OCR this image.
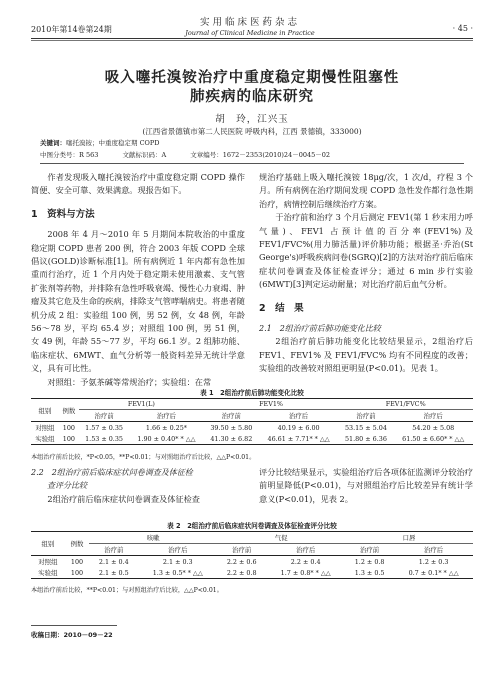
2010年第14卷第24期
实用临床医药杂志
Journal of Clinical Medicine in Practice	· 45 ·
吸入噻托溴铵治疗中重度稳定期慢性阻塞性
肺疾病的临床研究
胡　玲，江兴玉
(江西省景德镇市第二人民医院 呼吸内科，江西 景德镇，333000)
关键词：噻托溴铵；中重度稳定期 COPD
中图分类号：R 563	文献标识码：A	文章编号：1672－2353(2010)24－0045－02

作者发现吸入噻托溴铵治疗中重度稳定期 COPD 操作简便、安全可靠、效果满意。现报告如下。

1　资料与方法

2008 年 4 月～2010 年 5 月期间本院收治的中重度稳定期 COPD 患者 200 例，符合 2003 年版 COPD 全球倡议(GOLD)诊断标准[1]。所有病例近 1 年内都有急性加重而行治疗，近 1 个月内处于稳定期未使用激素、支气管扩张剂等药物，并排除有急性呼吸衰竭、慢性心力衰竭、肿瘤及其它危及生命的疾病，排除支气管哮喘病史。将患者随机分成 2 组：实验组 100 例，男 52 例，女 48 例，年龄 56～78 岁，平均 65.4 岁；对照组 100 例，男 51 例，女 49 例，年龄 55～77 岁，平均 66.1 岁。2 组肺功能、临床症状、6MWT、血气分析等一般资料差异无统计学意义，具有可比性。

对照组：予氨茶碱等常规治疗；实验组：在常

规治疗基础上吸入噻托溴铵 18μg/次，1 次/d，疗程 3 个月。所有病例在治疗期间发现 COPD 急性发作都行急性期治疗，病情控制后继续治疗方案。

于治疗前和治疗 3 个月后测定 FEV1(第 1 秒末用力呼气量)、FEV1 占预计值的百分率(FEV1%)及 FEV1/FVC%(用力肺活量)评价肺功能；根据圣·乔治(St George's)呼吸疾病问卷(SGRQ)[2]的方法对治疗前后临床症状问卷调查及体征检查评分；通过 6 min 步行实验(6MWT)[3]判定运动耐量；对比治疗前后血气分析。

2　结　果
2.1　2组治疗前后肺功能变化比较

2组治疗前后肺功能变化比较结果显示，2组治疗后 FEV1、FEV1% 及 FEV1/FVC% 均有不同程度的改善；实验组的改善较对照组更明显(P<0.01)。见表 1。

表 1　2组治疗前后肺功能变化比较
组别	例数	FEV1(L)		FEV1%		FEV1/FVC%	
		治疗前	治疗后	治疗前	治疗后	治疗前	治疗后
对照组	100	1.57 ± 0.35	1.66 ± 0.25*	39.50 ± 5.80	40.19 ± 6.00	53.15 ± 5.04	54.20 ± 5.08
实验组	100	1.53 ± 0.35	1.90 ± 0.40* * △△	41.30 ± 6.82	46.61 ± 7.71* * △△	51.80 ± 6.36	61.50 ± 6.60* * △△
本组治疗前后比较，*P<0.05，**P<0.01；与对照组治疗后比较，△△P<0.01。
2.2　2组治疗前后临床症状问卷调查及体征检
查评分比较

2组治疗前后临床症状问卷调查及体征检查

评分比较结果显示，实验组治疗后各项体征监测评分较治疗前明显降低(P<0.01)，与对照组治疗后比较差异有统计学意义(P<0.01)，见表 2。

表 2　2组治疗前后临床症状问卷调查及体征检查评分比较
组别	例数	咳嗽		气促		口唇	
		治疗前	治疗后	治疗前	治疗后	治疗前	治疗后
对照组	100	2.1 ± 0.4	2.1 ± 0.3	2.2 ± 0.6	2.2 ± 0.4	1.2 ± 0.8	1.2 ± 0.3
实验组	100	2.1 ± 0.5	1.3 ± 0.5* * △△	2.2 ± 0.8	1.7 ± 0.8* * △△	1.3 ± 0.5	0.7 ± 0.1* * △△
本组治疗前后比较，**P<0.01；与对照组治疗后比较，△△P<0.01。
收稿日期：2010－09－22
